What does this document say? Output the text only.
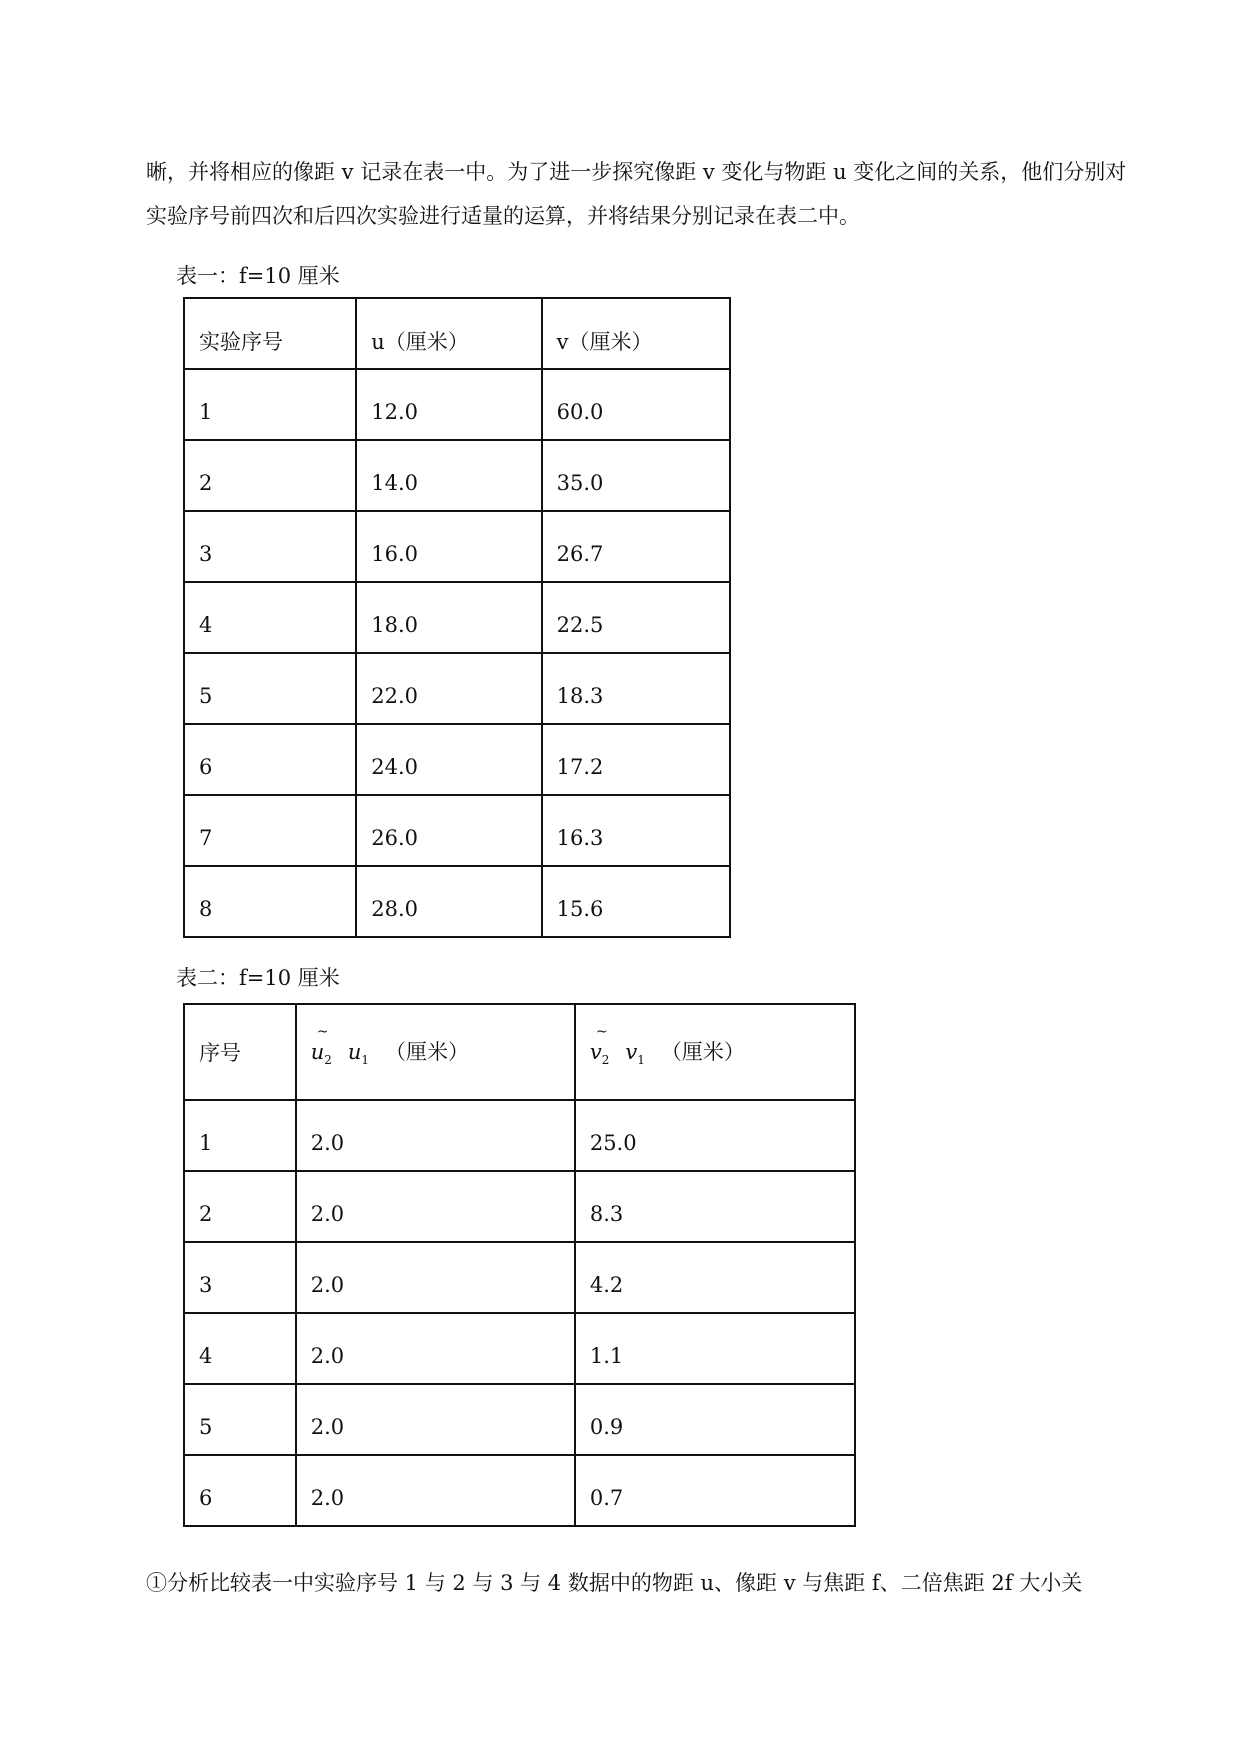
晰，并将相应的像距 v 记录在表一中。为了进一步探究像距 v 变化与物距 u 变化之间的关系，他们分别对实验序号前四次和后四次实验进行适量的运算，并将结果分别记录在表二中。

表一：f=10 厘米
实验序号	u（厘米）	v（厘米）
1	12.0	60.0
2	14.0	35.0
3	16.0	26.7
4	18.0	22.5
5	22.0	18.3
6	24.0	17.2
7	26.0	16.3
8	28.0	15.6
表二：f=10 厘米
序号	~ $u_2$ $u_1$ （厘米）	~ $v_2$ $v_1$ （厘米）
1	2.0	25.0
2	2.0	8.3
3	2.0	4.2
4	2.0	1.1
5	2.0	0.9
6	2.0	0.7

①分析比较表一中实验序号 1 与 2 与 3 与 4 数据中的物距 u、像距 v 与焦距 f、二倍焦距 2f 大小关
